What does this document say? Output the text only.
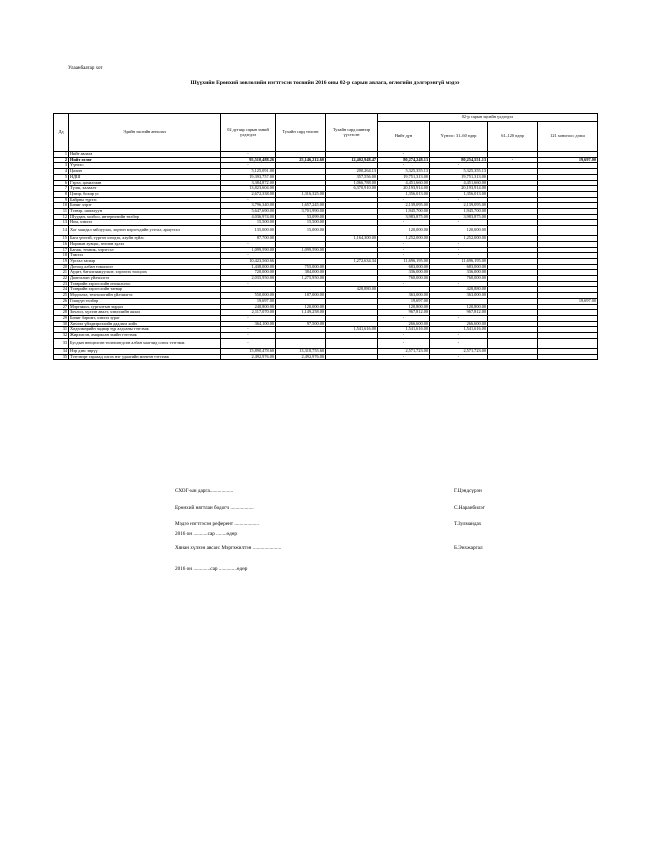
Улаанбаатар хот
Шүүхийн Ерөнхий зөвлөлийн нэгтгэсэн төсвийн 2016 оны 02-р сарын авлага, өглөгийн дэлгэрэнгүй мэдээ
Дд	Эдийн засгийн ангилал	02 дугаар сарын эхний үлдэгдэл	Тухайн сард төлсөн	Тухайн сард шинээр үүсгэсэн	02-р сарын эцсийн үлдэгдэл			
					Нийт дүн	Үүнээс: 31–60 өдөр	61–120 өдөр	121 хоногоос дээш
1	Нийт авлага	-			-			
2	Нийт өглөг	95,510,488.26	25,146,212.60	12,402,948.47	80,274,248.13	80,254,551.13	-	19,697.00
3	Үүнээс:	-			-	-		
4	Цалин	5,125,091.00		200,264.13	5,325,355.13	5,325,355.13		
5	НДШ	19,393,757.00		357,556.00	19,751,313.00	19,751,313.00		
6	Гэрэл, цахилгаан	3,384,872.00		1,066,788.00	4,451,660.00	4,451,660.00		
7	Түлш, халаалт	13,823,604.00		6,370,910.00	20,193,914.00	20,193,914.00		
8	Цэвэр, бохир ус	2,672,338.00	1,316,325.00		1,356,013.00	1,356,013.00		
9	Байрны түрээс	-			-	-		
10	Бичиг хэрэг	3,796,340.00	1,657,245.00		2,139,095.00	2,139,095.00		
11	Тээвэр, шатахуун	5,647,690.00	3,701,990.00		1,945,700.00	1,945,700.00		
12	Шуудан, холбоо, интернэтийн төлбөр	4,036,974.00	53,099.00		3,983,875.00	3,983,875.00		
13	Ном, хэвлэл	15,500.00	15,500.00		-	-		
14	Хог хаягдал зайлуулах, хортон мэрэгчдийн устгал, ариутгал	135,000.00	15,000.00		120,000.00	120,000.00		
15	Бага үнэтэй, түргэн элэгдэх, ахуйн зүйлс	87,700.00		1,164,300.00	1,252,000.00	1,252,000.00		
16	Нормын хувцас, зөөлөн эдлэл	-			-	-		
17	Багаж, техник, хэрэгсэл	1,099,590.00	1,099,590.00		-	-		
18	Тэжээл	-			-	-		
19	Урсгал засвар	10,423,560.66		1,272,634.34	11,696,195.00	11,696,195.00		
20	Дотоод албан томилолт	1,438,000.00	755,000.00		683,000.00	683,000.00		
21	Аудит, баталгаажуулалт, хэрэглэх тооцоох	720,000.00	384,000.00		336,000.00	336,000.00		
22	Даатгалын үйлчилгээ	2,035,950.00	1,275,950.00		760,000.00	760,000.00		
23	Тээврийн хэрэгслийн оношлогоо	-			-	-		
24	Тээврийн хэрэгслийн татвар			428,880.00		428,880.00		
25	Мэдээлэл, технологийн үйлчилгээ	550,000.00	187,000.00		363,000.00	363,000.00		
26	Гишүүн төлбөр	19,697.00			19,697.00			19,697.00
27	Мэргэжил, сургалтын зардал	240,800.00	120,000.00		120,800.00	120,800.00		
28	Зочлол, хүлээн авалт, хэвлэлийн аялал	2,117,070.00	1,149,258.00		967,812.00	967,812.00		
29	Бичиг баримт, хэвлэл зураг	-			-	-		
30	Хичээл үйлдвэрлэлийн дадлага хийх	364,100.00	97,500.00		266,600.00	266,600.00		
31	Хөдөлмөрийн чадвар түр алдсаны тэтгэмж	-		1,541,616.00	1,541,616.00	1,541,616.00		
32	Жирэмсэн, амаржсан эхийн тэтгэмж	-			-	-		
33	Бусдын нөөцөлсөн төлөөлөгдсөн албан хаагчид олгох тэтгэмж	-			-	-		
34	Нэр дэвс эврүү	15,890,478.60	13,318,755.60		2,571,723.00	2,571,723.00		
35	Тэтгэвэрт гарахад олгох нэг удаагийн мөнгөн тэтгэмж	2,492,976.00	2,492,976.00		-	-		
СХОГ-ын дарга..................	Г.Цэндсүрэн
Ерөнхий нягтлан бодогч ..................	С.Наранбилэг
Мэдээ нэгтгэсэн референт ...................	Т.Зулмандах
2016 он ...........сар ........өдөр
Хянан хүлээн авсан: Мэргэжилтэн ......................	Б.Энхжаргал
2016 он .............сар ..............өдөр
